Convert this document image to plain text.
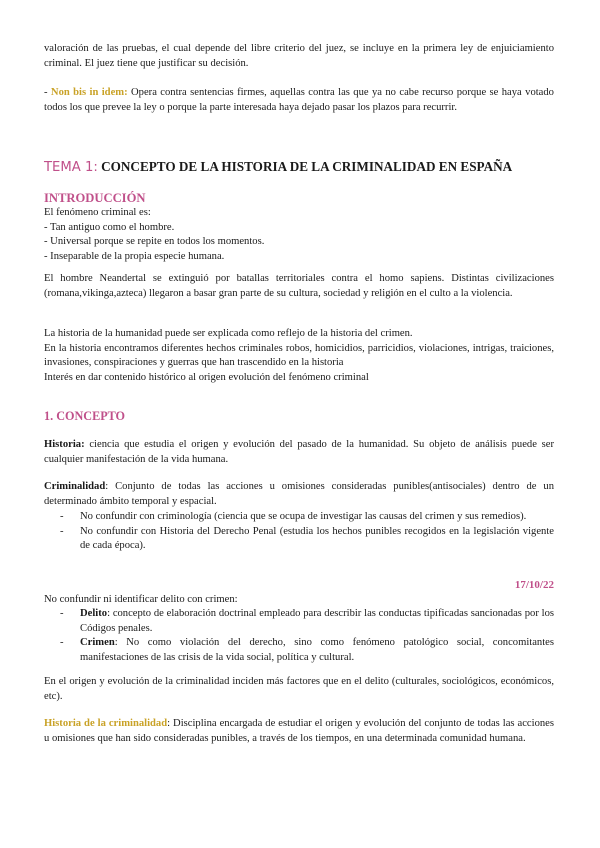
valoración de las pruebas, el cual depende del libre criterio del juez, se incluye en la primera ley de enjuiciamiento criminal. El juez tiene que justificar su decisión.

- Non bis in idem: Opera contra sentencias firmes, aquellas contra las que ya no cabe recurso porque se haya votado todos los que prevee la ley o porque la parte interesada haya dejado pasar los plazos para recurrir.

TEMA 1: CONCEPTO DE LA HISTORIA DE LA CRIMINALIDAD EN ESPAÑA
INTRODUCCIÓN
El fenómeno criminal es:
- Tan antiguo como el hombre.
- Universal porque se repite en todos los momentos.
- Inseparable de la propia especie humana.

El hombre Neandertal se extinguió por batallas territoriales contra el homo sapiens. Distintas civilizaciones (romana,vikinga,azteca) llegaron a basar gran parte de su cultura, sociedad y religión en el culto a la violencia.

La historia de la humanidad puede ser explicada como reflejo de la historia del crimen.
En la historia encontramos diferentes hechos criminales robos, homicidios, parricidios, violaciones, intrigas, traiciones, invasiones, conspiraciones y guerras que han trascendido en la historia
Interés en dar contenido histórico al origen evolución del fenómeno criminal
1. CONCEPTO

Historia: ciencia que estudia el origen y evolución del pasado de la humanidad. Su objeto de análisis puede ser cualquier manifestación de la vida humana.

Criminalidad: Conjunto de todas las acciones u omisiones consideradas punibles(antisociales) dentro de un determinado ámbito temporal y espacial.

- No confundir con criminología (ciencia que se ocupa de investigar las causas del crimen y sus remedios).
- No confundir con Historia del Derecho Penal (estudia los hechos punibles recogidos en la legislación vigente de cada época).

17/10/22

No confundir ni identificar delito con crimen:

- Delito: concepto de elaboración doctrinal empleado para describir las conductas tipificadas sancionadas por los Códigos penales.
- Crimen: No como violación del derecho, sino como fenómeno patológico social, concomitantes manifestaciones de las crisis de la vida social, política y cultural.

En el origen y evolución de la criminalidad inciden más factores que en el delito (culturales, sociológicos, económicos, etc).

Historia de la criminalidad: Disciplina encargada de estudiar el origen y evolución del conjunto de todas las acciones u omisiones que han sido consideradas punibles, a través de los tiempos, en una determinada comunidad humana.
